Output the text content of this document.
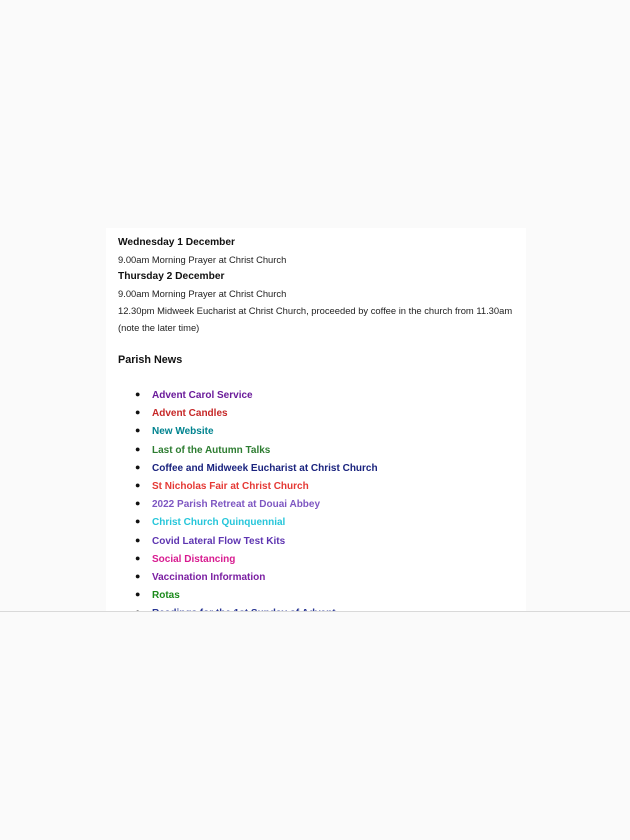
Wednesday 1 December
9.00am Morning Prayer at Christ Church
Thursday 2 December
9.00am Morning Prayer at Christ Church
12.30pm Midweek Eucharist at Christ Church, proceeded by coffee in the church from 11.30am (note the later time)
Parish News
● Advent Carol Service
● Advent Candles
● New Website
● Last of the Autumn Talks
● Coffee and Midweek Eucharist at Christ Church
● St Nicholas Fair at Christ Church
● 2022 Parish Retreat at Douai Abbey
● Christ Church Quinquennial
● Covid Lateral Flow Test Kits
● Social Distancing
● Vaccination Information
● Rotas
